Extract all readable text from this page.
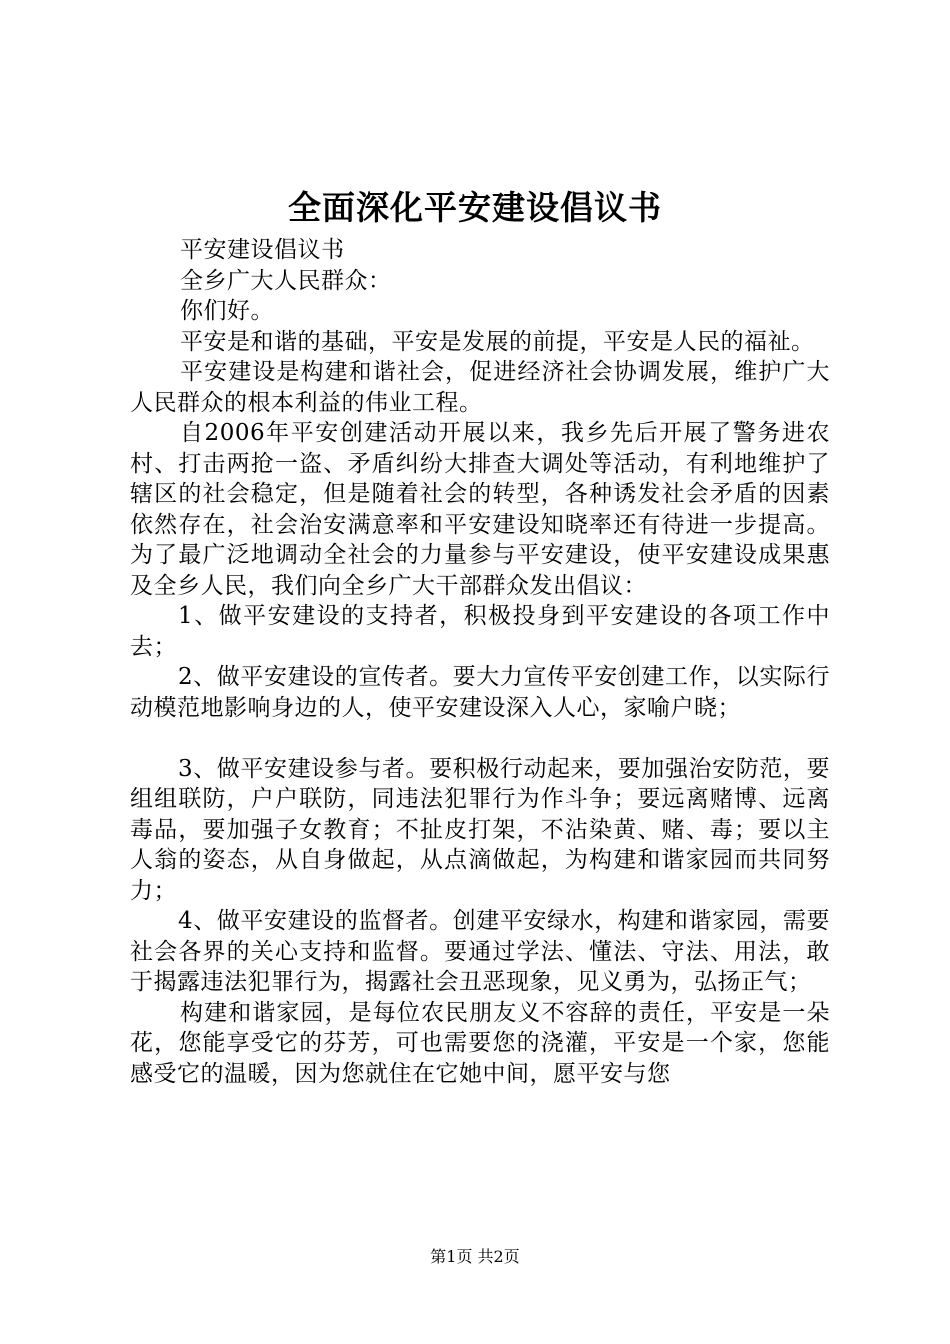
全面深化平安建设倡议书

平安建设倡议书

全乡广大人民群众：

你们好。

平安是和谐的基础，平安是发展的前提，平安是人民的福祉。

平安建设是构建和谐社会，促进经济社会协调发展，维护广大人民群众的根本利益的伟业工程。

自2006年平安创建活动开展以来，我乡先后开展了警务进农村、打击两抢一盗、矛盾纠纷大排查大调处等活动，有利地维护了辖区的社会稳定，但是随着社会的转型，各种诱发社会矛盾的因素依然存在，社会治安满意率和平安建设知晓率还有待进一步提高。为了最广泛地调动全社会的力量参与平安建设，使平安建设成果惠及全乡人民，我们向全乡广大干部群众发出倡议：

1、做平安建设的支持者，积极投身到平安建设的各项工作中去；

2、做平安建设的宣传者。要大力宣传平安创建工作，以实际行动模范地影响身边的人，使平安建设深入人心，家喻户晓；

3、做平安建设参与者。要积极行动起来，要加强治安防范，要组组联防，户户联防，同违法犯罪行为作斗争；要远离赌博、远离毒品，要加强子女教育；不扯皮打架，不沾染黄、赌、毒；要以主人翁的姿态，从自身做起，从点滴做起，为构建和谐家园而共同努力；

4、做平安建设的监督者。创建平安绿水，构建和谐家园，需要社会各界的关心支持和监督。要通过学法、懂法、守法、用法，敢于揭露违法犯罪行为，揭露社会丑恶现象，见义勇为，弘扬正气；

构建和谐家园，是每位农民朋友义不容辞的责任，平安是一朵花，您能享受它的芬芳，可也需要您的浇灌，平安是一个家，您能感受它的温暖，因为您就住在它她中间，愿平安与您

第1页 共2页
